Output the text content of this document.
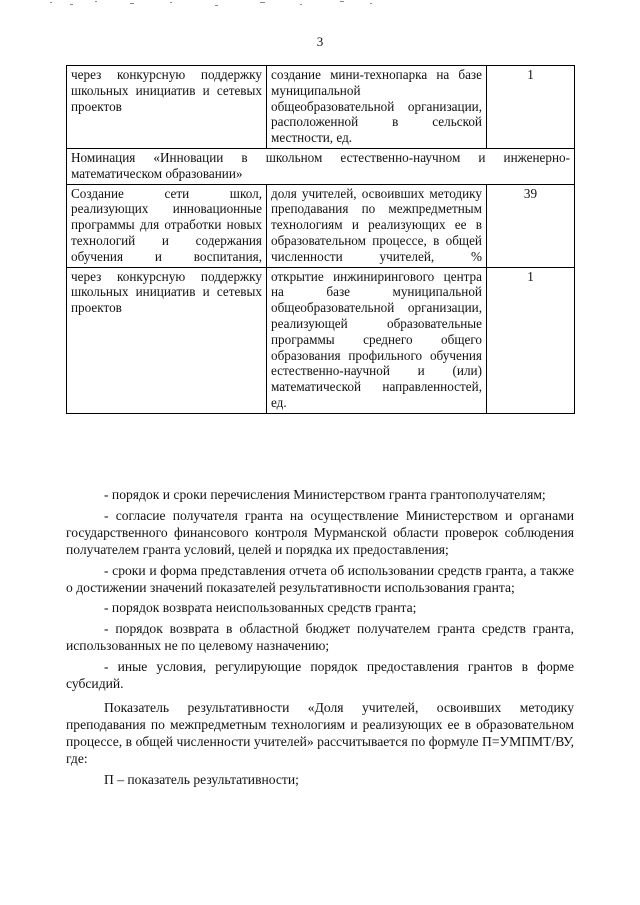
3
через конкурсную поддержку школьных инициатив и сетевых проектов	создание мини-технопарка на базе муниципальной общеобразовательной организации, расположенной в сельской местности, ед.	1
Номинация «Инновации в школьном естественно-научном и инженерно-математическом образовании»		
Создание сети школ, реализующих инновационные программы для отработки новых технологий и содержания обучения и воспитания,	доля учителей, освоивших методику преподавания по межпредметным технологиям и реализующих ее в образовательном процессе, в общей численности учителей, %	39
через конкурсную поддержку школьных инициатив и сетевых проектов	открытие инжинирингового центра на базе муниципальной общеобразовательной организации, реализующей образовательные программы среднего общего образования профильного обучения естественно-научной и (или) математической направленностей, ед.	1

- порядок и сроки перечисления Министерством гранта грантополучателям;

- согласие получателя гранта на осуществление Министерством и органами государственного финансового контроля Мурманской области проверок соблюдения получателем гранта условий, целей и порядка их предоставления;

- сроки и форма представления отчета об использовании средств гранта, а также о достижении значений показателей результативности использования гранта;

- порядок возврата неиспользованных средств гранта;

- порядок возврата в областной бюджет получателем гранта средств гранта, использованных не по целевому назначению;

- иные условия, регулирующие порядок предоставления грантов в форме субсидий.

Показатель результативности «Доля учителей, освоивших методику преподавания по межпредметным технологиям и реализующих ее в образовательном процессе, в общей численности учителей» рассчитывается по формуле П=УМПМТ/ВУ, где:

П – показатель результативности;
